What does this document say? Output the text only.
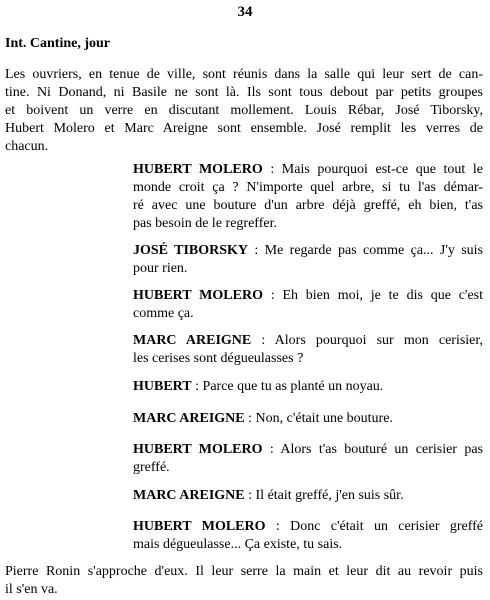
34
Int. Cantine, jour
Les ouvriers, en tenue de ville, sont réunis dans la salle qui leur sert de can-
tine. Ni Donand, ni Basile ne sont là. Ils sont tous debout par petits groupes
et boivent un verre en discutant mollement. Louis Rébar, José Tiborsky,
Hubert Molero et Marc Areigne sont ensemble. José remplit les verres de
chacun.
HUBERT MOLERO : Mais pourquoi est-ce que tout le
monde croit ça ? N'importe quel arbre, si tu l'as démar-
ré avec une bouture d'un arbre déjà greffé, eh bien, t'as
pas besoin de le regreffer.
JOSÉ TIBORSKY : Me regarde pas comme ça... J'y suis
pour rien.
HUBERT MOLERO : Eh bien moi, je te dis que c'est
comme ça.
MARC AREIGNE : Alors pourquoi sur mon cerisier,
les cerises sont dégueulasses ?
HUBERT : Parce que tu as planté un noyau.
MARC AREIGNE : Non, c'était une bouture.
HUBERT MOLERO : Alors t'as bouturé un cerisier pas
greffé.
MARC AREIGNE : Il était greffé, j'en suis sûr.
HUBERT MOLERO : Donc c'était un cerisier greffé
mais dégueulasse... Ça existe, tu sais.
Pierre Ronin s'approche d'eux. Il leur serre la main et leur dit au revoir puis
il s'en va.
